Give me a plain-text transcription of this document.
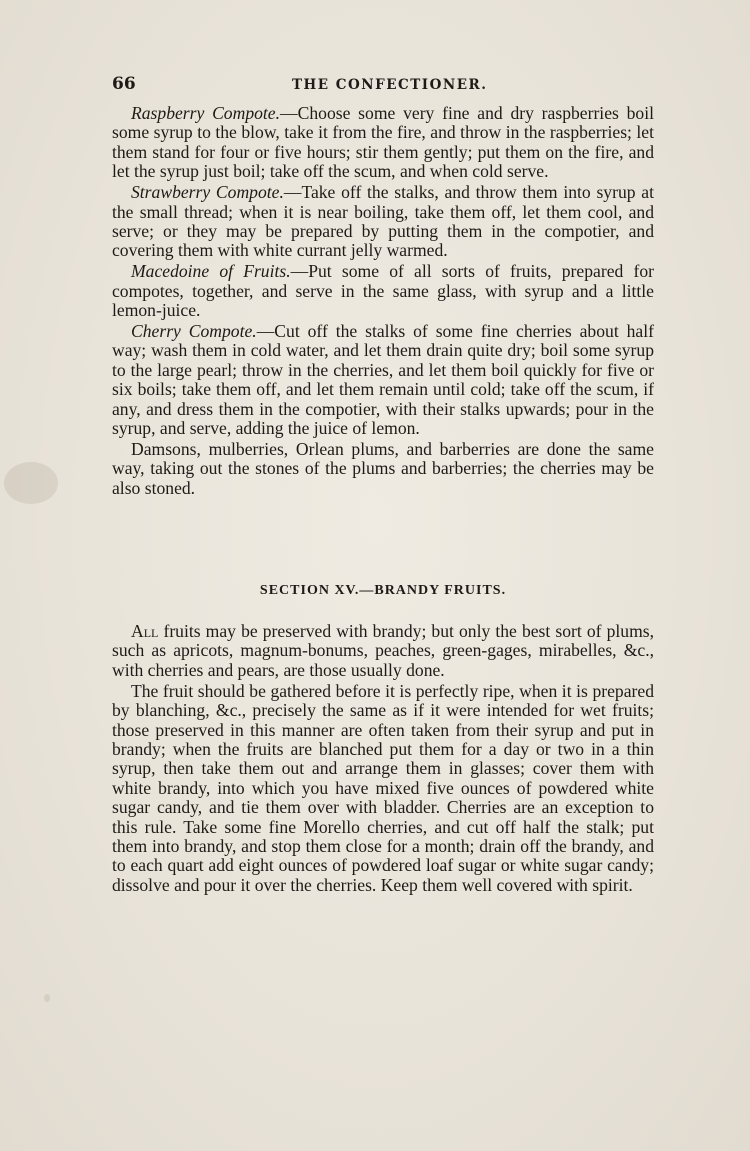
66	THE CONFECTIONER.

Raspberry Compote.—Choose some very fine and dry raspberries boil some syrup to the blow, take it from the fire, and throw in the raspberries; let them stand for four or five hours; stir them gently; put them on the fire, and let the syrup just boil; take off the scum, and when cold serve.

Strawberry Compote.—Take off the stalks, and throw them into syrup at the small thread; when it is near boiling, take them off, let them cool, and serve; or they may be prepared by putting them in the compotier, and covering them with white currant jelly warmed.

Macedoine of Fruits.—Put some of all sorts of fruits, prepared for compotes, together, and serve in the same glass, with syrup and a little lemon-juice.

Cherry Compote.—Cut off the stalks of some fine cherries about half way; wash them in cold water, and let them drain quite dry; boil some syrup to the large pearl; throw in the cherries, and let them boil quickly for five or six boils; take them off, and let them remain until cold; take off the scum, if any, and dress them in the compotier, with their stalks upwards; pour in the syrup, and serve, adding the juice of lemon.

Damsons, mulberries, Orlean plums, and barberries are done the same way, taking out the stones of the plums and barberries; the cherries may be also stoned.

SECTION XV.—BRANDY FRUITS.

All fruits may be preserved with brandy; but only the best sort of plums, such as apricots, magnum-bonums, peaches, green-gages, mirabelles, &c., with cherries and pears, are those usually done.

The fruit should be gathered before it is perfectly ripe, when it is prepared by blanching, &c., precisely the same as if it were intended for wet fruits; those preserved in this manner are often taken from their syrup and put in brandy; when the fruits are blanched put them for a day or two in a thin syrup, then take them out and arrange them in glasses; cover them with white brandy, into which you have mixed five ounces of powdered white sugar candy, and tie them over with bladder. Cherries are an exception to this rule. Take some fine Morello cherries, and cut off half the stalk; put them into brandy, and stop them close for a month; drain off the brandy, and to each quart add eight ounces of powdered loaf sugar or white sugar candy; dissolve and pour it over the cherries. Keep them well covered with spirit.
